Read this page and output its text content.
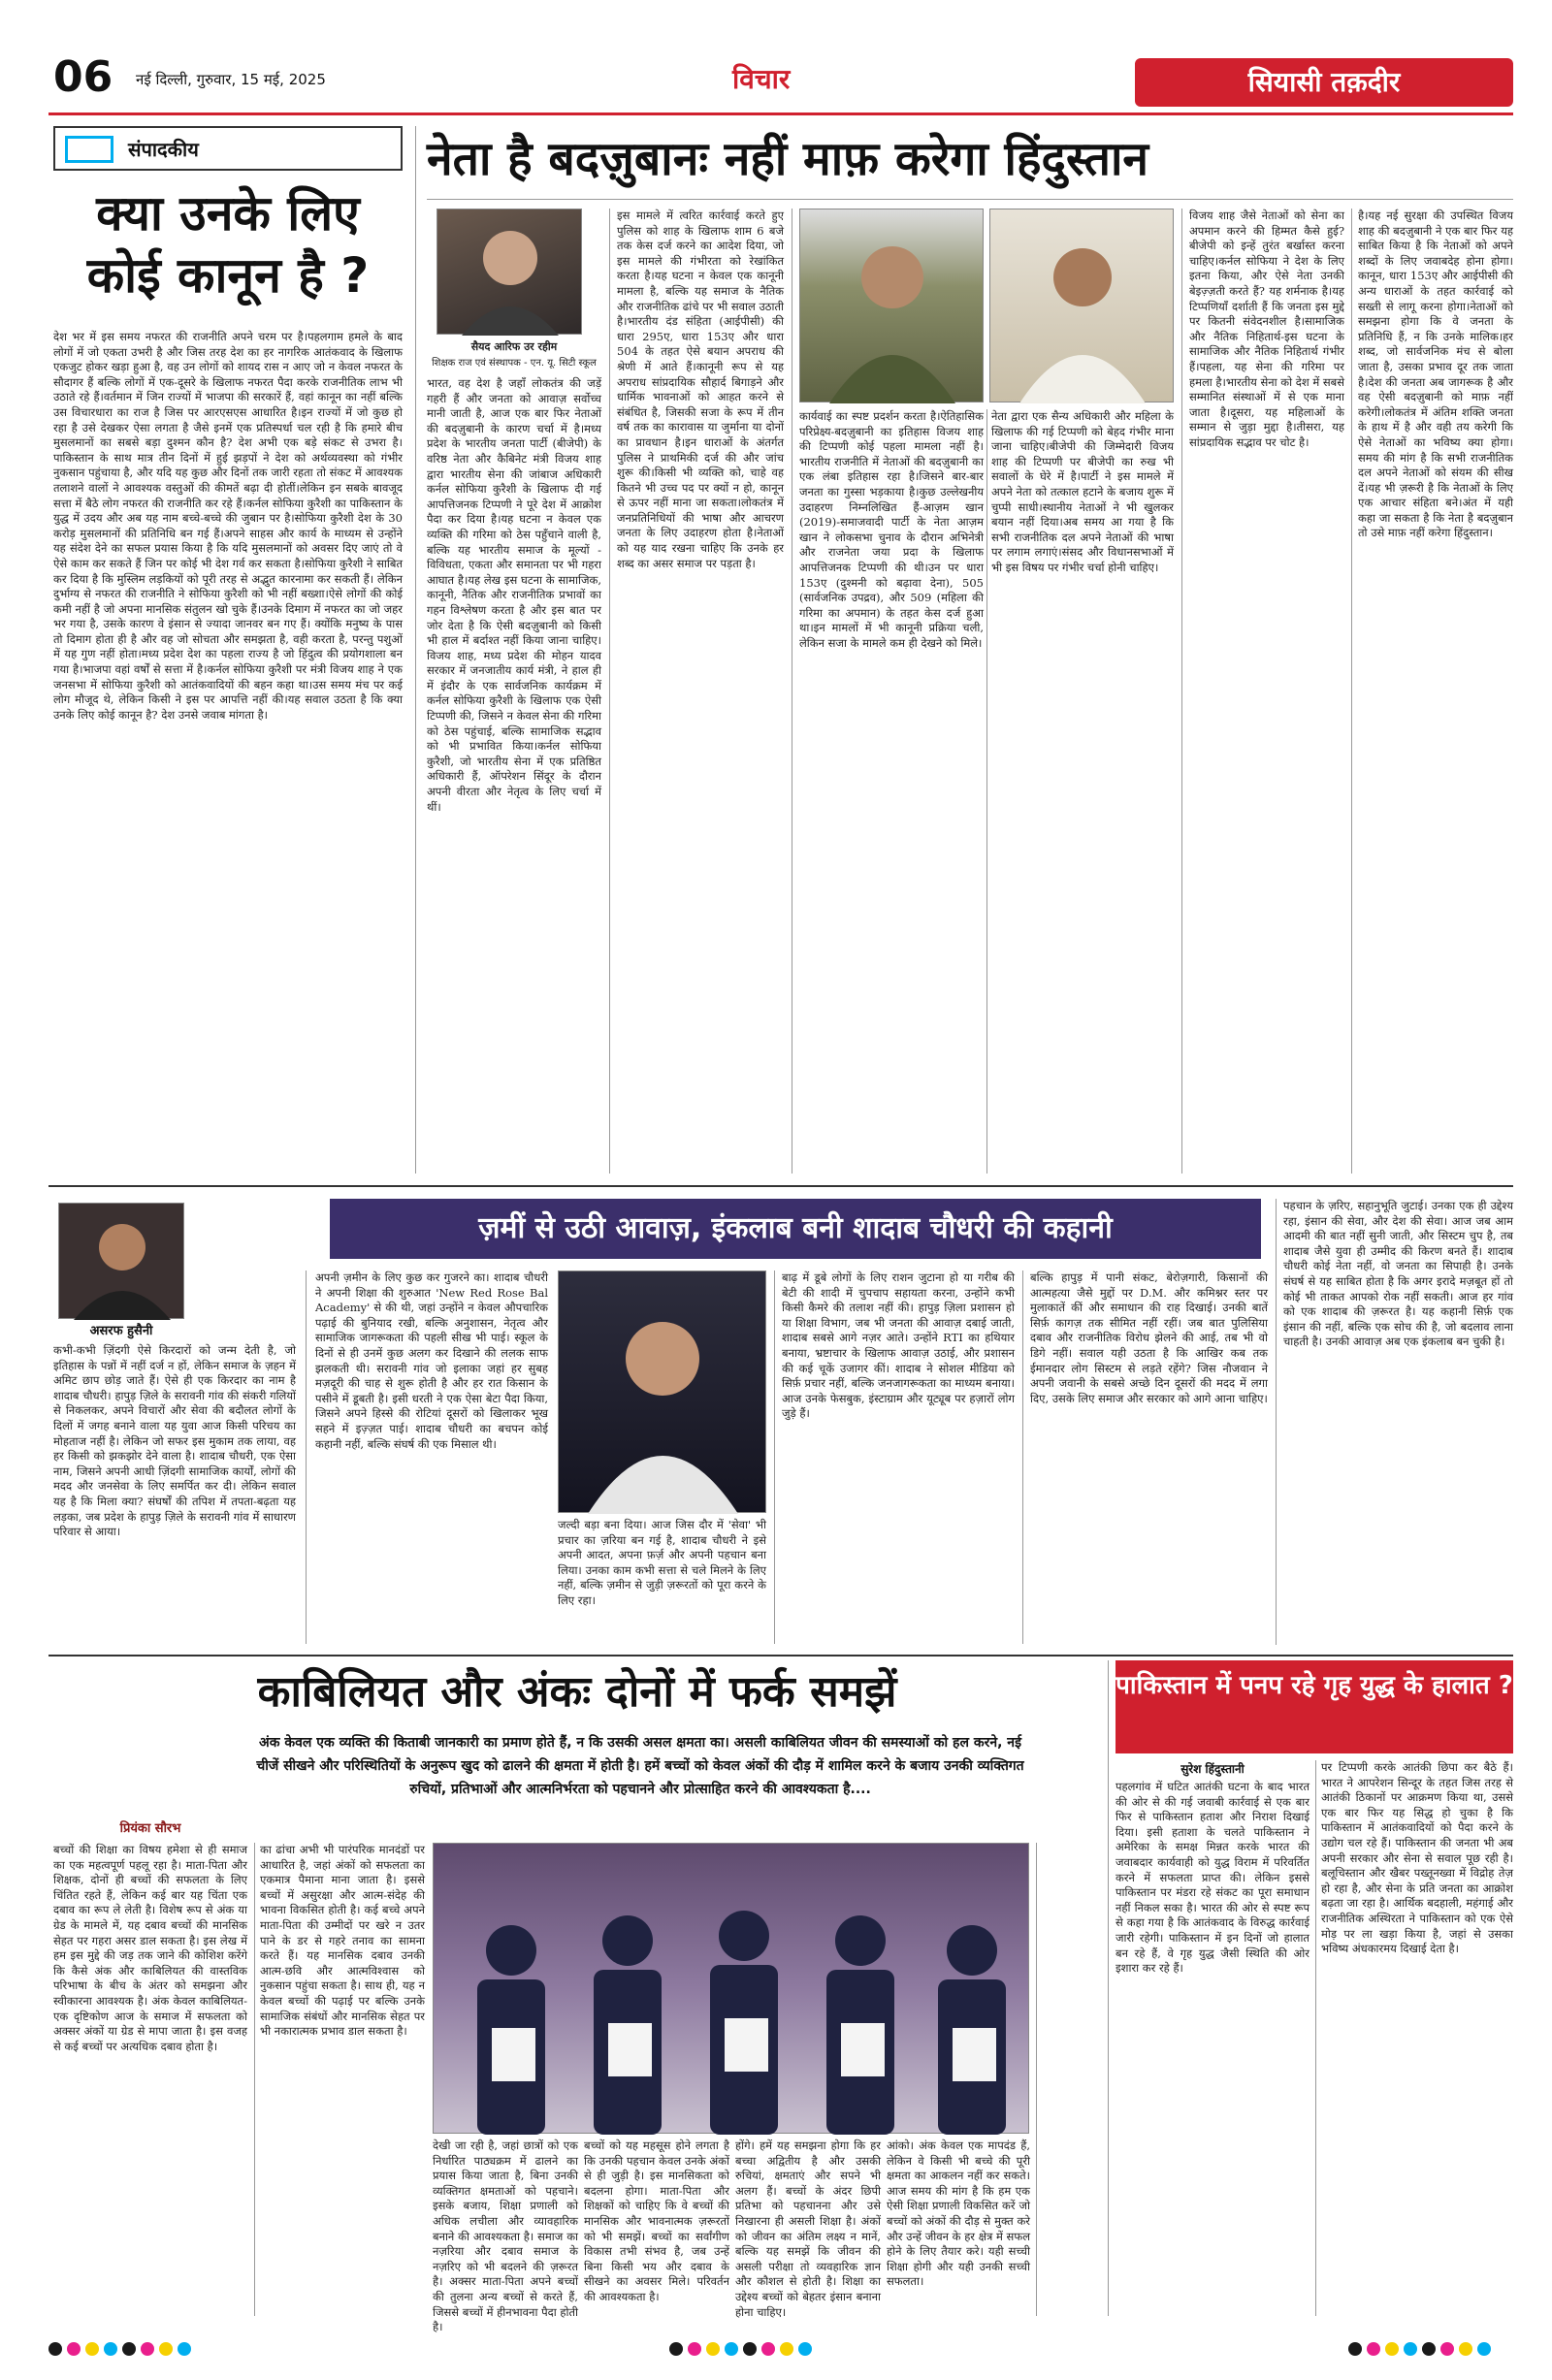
06 नई दिल्ली, गुरुवार, 15 मई, 2025	विचार	सियासी तक़दीर
संपादकीय
क्या उनके लिए कोई कानून है ?
देश भर में इस समय नफरत की राजनीति अपने चरम पर है।पहलगाम हमले के बाद लोगों में जो एकता उभरी है और जिस तरह देश का हर नागरिक आतंकवाद के खिलाफ एकजुट होकर खड़ा हुआ है, वह उन लोगों को शायद रास न आए जो न केवल नफरत के सौदागर हैं बल्कि लोगों में एक-दूसरे के खिलाफ नफरत पैदा करके राजनीतिक लाभ भी उठाते रहे हैं।वर्तमान में जिन राज्यों में भाजपा की सरकारें हैं, वहां कानून का नहीं बल्कि उस विचारधारा का राज है जिस पर आरएसएस आधारित है।इन राज्यों में जो कुछ हो रहा है उसे देखकर ऐसा लगता है जैसे इनमें एक प्रतिस्पर्धा चल रही है कि हमारे बीच मुसलमानों का सबसे बड़ा दुश्मन कौन है? देश अभी एक बड़े संकट से उभरा है।पाकिस्तान के साथ मात्र तीन दिनों में हुई झड़पों ने देश को अर्थव्यवस्था को गंभीर नुकसान पहुंचाया है, और यदि यह कुछ और दिनों तक जारी रहता तो संकट में आवश्यक तलाशने वालों ने आवश्यक वस्तुओं की कीमतें बढ़ा दी होतीं।लेकिन इन सबके बावजूद सत्ता में बैठे लोग नफरत की राजनीति कर रहे हैं।कर्नल सोफिया कुरैशी का पाकिस्तान के युद्ध में उदय और अब यह नाम बच्चे-बच्चे की जुबान पर है।सोफिया कुरैशी देश के 30 करोड़ मुसलमानों की प्रतिनिधि बन गई हैं।अपने साहस और कार्य के माध्यम से उन्होंने यह संदेश देने का सफल प्रयास किया है कि यदि मुसलमानों को अवसर दिए जाएं तो वे ऐसे काम कर सकते हैं जिन पर कोई भी देश गर्व कर सकता है।सोफिया कुरैशी ने साबित कर दिया है कि मुस्लिम लड़कियों को पूरी तरह से अद्भुत कारनामा कर सकती हैं। लेकिन दुर्भाग्य से नफरत की राजनीति ने सोफिया कुरैशी को भी नहीं बख्शा।ऐसे लोगों की कोई कमी नहीं है जो अपना मानसिक संतुलन खो चुके हैं।उनके दिमाग में नफरत का जो जहर भर गया है, उसके कारण वे इंसान से ज्यादा जानवर बन गए हैं। क्योंकि मनुष्य के पास तो दिमाग होता ही है और वह जो सोचता और समझता है, वही करता है, परन्तु पशुओं में यह गुण नहीं होता।मध्य प्रदेश देश का पहला राज्य है जो हिंदुत्व की प्रयोगशाला बन गया है।भाजपा वहां वर्षों से सत्ता में है।कर्नल सोफिया कुरैशी पर मंत्री विजय शाह ने एक जनसभा में सोफिया कुरैशी को आतंकवादियों की बहन कहा था।उस समय मंच पर कई लोग मौजूद थे, लेकिन किसी ने इस पर आपत्ति नहीं की।यह सवाल उठता है कि क्या उनके लिए कोई कानून है? देश उनसे जवाब मांगता है।
नेता है बदज़ुबानः नहीं माफ़ करेगा हिंदुस्तान
सैयद आरिफ उर रहीम
शिक्षक राज एवं संस्थापक - एन. यू. सिटी स्कूल
भारत, वह देश है जहाँ लोकतंत्र की जड़ें गहरी हैं और जनता को आवाज़ सर्वोच्च मानी जाती है, आज एक बार फिर नेताओं की बदज़ुबानी के कारण चर्चा में है।मध्य प्रदेश के भारतीय जनता पार्टी (बीजेपी) के वरिष्ठ नेता और कैबिनेट मंत्री विजय शाह द्वारा भारतीय सेना की जांबाज अधिकारी कर्नल सोफिया कुरैशी के खिलाफ दी गई आपत्तिजनक टिप्पणी ने पूरे देश में आक्रोश पैदा कर दिया है।यह घटना न केवल एक व्यक्ति की गरिमा को ठेस पहुँचाने वाली है, बल्कि यह भारतीय समाज के मूल्यों - विविधता, एकता और समानता पर भी गहरा आघात है।यह लेख इस घटना के सामाजिक, कानूनी, नैतिक और राजनीतिक प्रभावों का गहन विश्लेषण करता है और इस बात पर जोर देता है कि ऐसी बदज़ुबानी को किसी भी हाल में बर्दाश्त नहीं किया जाना चाहिए।विजय शाह, मध्य प्रदेश की मोहन यादव सरकार में जनजातीय कार्य मंत्री, ने हाल ही में इंदौर के एक सार्वजनिक कार्यक्रम में कर्नल सोफिया कुरैशी के खिलाफ एक ऐसी टिप्पणी की, जिसने न केवल सेना की गरिमा को ठेस पहुंचाई, बल्कि सामाजिक सद्भाव को भी प्रभावित किया।कर्नल सोफिया कुरैशी, जो भारतीय सेना में एक प्रतिष्ठित अधिकारी हैं, ऑपरेशन सिंदूर के दौरान अपनी वीरता और नेतृत्व के लिए चर्चा में थीं।
इस मामले में त्वरित कार्रवाई करते हुए पुलिस को शाह के खिलाफ शाम 6 बजे तक केस दर्ज करने का आदेश दिया, जो इस मामले की गंभीरता को रेखांकित करता है।यह घटना न केवल एक कानूनी मामला है, बल्कि यह समाज के नैतिक और राजनीतिक ढांचे पर भी सवाल उठाती है।भारतीय दंड संहिता (आईपीसी) की धारा 295ए, धारा 153ए और धारा 504 के तहत ऐसे बयान अपराध की श्रेणी में आते हैं।कानूनी रूप से यह अपराध सांप्रदायिक सौहार्द बिगाड़ने और धार्मिक भावनाओं को आहत करने से संबंधित है, जिसकी सजा के रूप में तीन वर्ष तक का कारावास या जुर्माना या दोनों का प्रावधान है।इन धाराओं के अंतर्गत पुलिस ने प्राथमिकी दर्ज की और जांच शुरू की।किसी भी व्यक्ति को, चाहे वह कितने भी उच्च पद पर क्यों न हो, कानून से ऊपर नहीं माना जा सकता।लोकतंत्र में जनप्रतिनिधियों की भाषा और आचरण जनता के लिए उदाहरण होता है।नेताओं को यह याद रखना चाहिए कि उनके हर शब्द का असर समाज पर पड़ता है।
कार्यवाई का स्पष्ट प्रदर्शन करता है।ऐतिहासिक परिप्रेक्ष्य-बदज़ुबानी का इतिहास विजय शाह की टिप्पणी कोई पहला मामला नहीं है।भारतीय राजनीति में नेताओं की बदज़ुबानी का एक लंबा इतिहास रहा है।जिसने बार-बार जनता का गुस्सा भड़काया है।कुछ उल्लेखनीय उदाहरण निम्नलिखित हैं-आज़म खान (2019)-समाजवादी पार्टी के नेता आज़म खान ने लोकसभा चुनाव के दौरान अभिनेत्री और राजनेता जया प्रदा के खिलाफ आपत्तिजनक टिप्पणी की थी।उन पर धारा 153ए (दुश्मनी को बढ़ावा देना), 505 (सार्वजनिक उपद्रव), और 509 (महिला की गरिमा का अपमान) के तहत केस दर्ज हुआ था।इन मामलों में भी कानूनी प्रक्रिया चली, लेकिन सजा के मामले कम ही देखने को मिले।
नेता द्वारा एक सैन्य अधिकारी और महिला के खिलाफ की गई टिप्पणी को बेहद गंभीर माना जाना चाहिए।बीजेपी की जिम्मेदारी विजय शाह की टिप्पणी पर बीजेपी का रुख भी सवालों के घेरे में है।पार्टी ने इस मामले में अपने नेता को तत्काल हटाने के बजाय शुरू में चुप्पी साधी।स्थानीय नेताओं ने भी खुलकर बयान नहीं दिया।अब समय आ गया है कि सभी राजनीतिक दल अपने नेताओं की भाषा पर लगाम लगाएं।संसद और विधानसभाओं में भी इस विषय पर गंभीर चर्चा होनी चाहिए।
विजय शाह जैसे नेताओं को सेना का अपमान करने की हिम्मत कैसे हुई? बीजेपी को इन्हें तुरंत बर्खास्त करना चाहिए।कर्नल सोफिया ने देश के लिए इतना किया, और ऐसे नेता उनकी बेइज़्ज़ती करते हैं? यह शर्मनाक है।यह टिप्पणियाँ दर्शाती हैं कि जनता इस मुद्दे पर कितनी संवेदनशील है।सामाजिक और नैतिक निहितार्थ-इस घटना के सामाजिक और नैतिक निहितार्थ गंभीर हैं।पहला, यह सेना की गरिमा पर हमला है।भारतीय सेना को देश में सबसे सम्मानित संस्थाओं में से एक माना जाता है।दूसरा, यह महिलाओं के सम्मान से जुड़ा मुद्दा है।तीसरा, यह सांप्रदायिक सद्भाव पर चोट है।
है।यह नई सुरक्षा की उपस्थित विजय शाह की बदज़ुबानी ने एक बार फिर यह साबित किया है कि नेताओं को अपने शब्दों के लिए जवाबदेह होना होगा।कानून, धारा 153ए और आईपीसी की अन्य धाराओं के तहत कार्रवाई को सख्ती से लागू करना होगा।नेताओं को समझना होगा कि वे जनता के प्रतिनिधि हैं, न कि उनके मालिक।हर शब्द, जो सार्वजनिक मंच से बोला जाता है, उसका प्रभाव दूर तक जाता है।देश की जनता अब जागरूक है और वह ऐसी बदज़ुबानी को माफ़ नहीं करेगी।लोकतंत्र में अंतिम शक्ति जनता के हाथ में है और वही तय करेगी कि ऐसे नेताओं का भविष्य क्या होगा।समय की मांग है कि सभी राजनीतिक दल अपने नेताओं को संयम की सीख दें।यह भी ज़रूरी है कि नेताओं के लिए एक आचार संहिता बने।अंत में यही कहा जा सकता है कि नेता है बदज़ुबान तो उसे माफ़ नहीं करेगा हिंदुस्तान।
असरफ हुसैनी
ज़मीं से उठी आवाज़, इंकलाब बनी शादाब चौधरी की कहानी
कभी-कभी ज़िंदगी ऐसे किरदारों को जन्म देती है, जो इतिहास के पन्नों में नहीं दर्ज न हों, लेकिन समाज के ज़हन में अमिट छाप छोड़ जाते हैं। ऐसे ही एक किरदार का नाम है शादाब चौधरी। हापुड़ ज़िले के सरावनी गांव की संकरी गलियों से निकलकर, अपने विचारों और सेवा की बदौलत लोगों के दिलों में जगह बनाने वाला यह युवा आज किसी परिचय का मोहताज नहीं है। लेकिन जो सफर इस मुकाम तक लाया, वह हर किसी को झकझोर देने वाला है। शादाब चौधरी, एक ऐसा नाम, जिसने अपनी आधी ज़िंदगी सामाजिक कार्यों, लोगों की मदद और जनसेवा के लिए समर्पित कर दी। लेकिन सवाल यह है कि मिला क्या? संघर्षों की तपिश में तपता-बढ़ता यह लड़का, जब प्रदेश के हापुड़ ज़िले के सरावनी गांव में साधारण परिवार से आया।
अपनी ज़मीन के लिए कुछ कर गुजरने का। शादाब चौधरी ने अपनी शिक्षा की शुरुआत 'New Red Rose Bal Academy' से की थी, जहां उन्होंने न केवल औपचारिक पढ़ाई की बुनियाद रखी, बल्कि अनुशासन, नेतृत्व और सामाजिक जागरूकता की पहली सीख भी पाई। स्कूल के दिनों से ही उनमें कुछ अलग कर दिखाने की ललक साफ झलकती थी। सरावनी गांव जो इलाका जहां हर सुबह मज़दूरी की चाह से शुरू होती है और हर रात किसान के पसीने में डूबती है। इसी धरती ने एक ऐसा बेटा पैदा किया, जिसने अपने हिस्से की रोटियां दूसरों को खिलाकर भूख सहने में इज़्ज़त पाई। शादाब चौधरी का बचपन कोई कहानी नहीं, बल्कि संघर्ष की एक मिसाल थी।
जल्दी बड़ा बना दिया। आज जिस दौर में 'सेवा' भी प्रचार का ज़रिया बन गई है, शादाब चौधरी ने इसे अपनी आदत, अपना फ़र्ज़ और अपनी पहचान बना लिया। उनका काम कभी सत्ता से चले मिलने के लिए नहीं, बल्कि ज़मीन से जुड़ी ज़रूरतों को पूरा करने के लिए रहा।
बाढ़ में डूबे लोगों के लिए राशन जुटाना हो या गरीब की बेटी की शादी में चुपचाप सहायता करना, उन्होंने कभी किसी कैमरे की तलाश नहीं की। हापुड़ ज़िला प्रशासन हो या शिक्षा विभाग, जब भी जनता की आवाज़ दबाई जाती, शादाब सबसे आगे नज़र आते। उन्होंने RTI का हथियार बनाया, भ्रष्टाचार के खिलाफ आवाज़ उठाई, और प्रशासन की कई चूकें उजागर कीं। शादाब ने सोशल मीडिया को सिर्फ़ प्रचार नहीं, बल्कि जनजागरूकता का माध्यम बनाया। आज उनके फेसबुक, इंस्टाग्राम और यूट्यूब पर हज़ारों लोग जुड़े हैं।
बल्कि हापुड़ में पानी संकट, बेरोज़गारी, किसानों की आत्महत्या जैसे मुद्दों पर D.M. और कमिश्नर स्तर पर मुलाकातें कीं और समाधान की राह दिखाई। उनकी बातें सिर्फ़ कागज़ तक सीमित नहीं रहीं। जब बात पुलिसिया दबाव और राजनीतिक विरोध झेलने की आई, तब भी वो डिगे नहीं। सवाल यही उठता है कि आखिर कब तक ईमानदार लोग सिस्टम से लड़ते रहेंगे? जिस नौजवान ने अपनी जवानी के सबसे अच्छे दिन दूसरों की मदद में लगा दिए, उसके लिए समाज और सरकार को आगे आना चाहिए।
पहचान के ज़रिए, सहानुभूति जुटाई। उनका एक ही उद्देश्य रहा, इंसान की सेवा, और देश की सेवा। आज जब आम आदमी की बात नहीं सुनी जाती, और सिस्टम चुप है, तब शादाब जैसे युवा ही उम्मीद की किरण बनते हैं। शादाब चौधरी कोई नेता नहीं, वो जनता का सिपाही है। उनके संघर्ष से यह साबित होता है कि अगर इरादे मज़बूत हों तो कोई भी ताकत आपको रोक नहीं सकती। आज हर गांव को एक शादाब की ज़रूरत है। यह कहानी सिर्फ़ एक इंसान की नहीं, बल्कि एक सोच की है, जो बदलाव लाना चाहती है। उनकी आवाज़ अब एक इंकलाब बन चुकी है।
काबिलियत और अंकः दोनों में फर्क समझें
अंक केवल एक व्यक्ति की किताबी जानकारी का प्रमाण होते हैं, न कि उसकी असल क्षमता का। असली काबिलियत जीवन की समस्याओं को हल करने, नई चीजें सीखने और परिस्थितियों के अनुरूप खुद को ढालने की क्षमता में होती है। हमें बच्चों को केवल अंकों की दौड़ में शामिल करने के बजाय उनकी व्यक्तिगत रुचियों, प्रतिभाओं और आत्मनिर्भरता को पहचानने और प्रोत्साहित करने की आवश्यकता है....
प्रियंका सौरभ
बच्चों की शिक्षा का विषय हमेशा से ही समाज का एक महत्वपूर्ण पहलू रहा है। माता-पिता और शिक्षक, दोनों ही बच्चों की सफलता के लिए चिंतित रहते हैं, लेकिन कई बार यह चिंता एक दबाव का रूप ले लेती है। विशेष रूप से अंक या ग्रेड के मामले में, यह दबाव बच्चों की मानसिक सेहत पर गहरा असर डाल सकता है। इस लेख में हम इस मुद्दे की जड़ तक जाने की कोशिश करेंगे कि कैसे अंक और काबिलियत की वास्तविक परिभाषा के बीच के अंतर को समझना और स्वीकारना आवश्यक है। अंक केवल काबिलियत-एक दृष्टिकोण आज के समाज में सफलता को अक्सर अंकों या ग्रेड से मापा जाता है। इस वजह से कई बच्चों पर अत्यधिक दबाव होता है।
का ढांचा अभी भी पारंपरिक मानदंडों पर आधारित है, जहां अंकों को सफलता का एकमात्र पैमाना माना जाता है। इससे बच्चों में असुरक्षा और आत्म-संदेह की भावना विकसित होती है। कई बच्चे अपने माता-पिता की उम्मीदों पर खरे न उतर पाने के डर से गहरे तनाव का सामना करते हैं। यह मानसिक दबाव उनकी आत्म-छवि और आत्मविश्वास को नुकसान पहुंचा सकता है। साथ ही, यह न केवल बच्चों की पढ़ाई पर बल्कि उनके सामाजिक संबंधों और मानसिक सेहत पर भी नकारात्मक प्रभाव डाल सकता है।
देखी जा रही है, जहां छात्रों को एक निर्धारित पाठ्यक्रम में ढालने का प्रयास किया जाता है, बिना उनकी व्यक्तिगत क्षमताओं को पहचाने। इसके बजाय, शिक्षा प्रणाली को अधिक लचीला और व्यावहारिक बनाने की आवश्यकता है। समाज का नज़रिया और दबाव समाज के नज़रिए को भी बदलने की ज़रूरत है। अक्सर माता-पिता अपने बच्चों की तुलना अन्य बच्चों से करते हैं, जिससे बच्चों में हीनभावना पैदा होती है।
बच्चों को यह महसूस होने लगता है कि उनकी पहचान केवल उनके अंकों से ही जुड़ी है। इस मानसिकता को बदलना होगा। माता-पिता और शिक्षकों को चाहिए कि वे बच्चों की मानसिक और भावनात्मक ज़रूरतों को भी समझें। बच्चों का सर्वांगीण विकास तभी संभव है, जब उन्हें बिना किसी भय और दबाव के सीखने का अवसर मिले। परिवर्तन की आवश्यकता है।
होंगे। हमें यह समझना होगा कि हर बच्चा अद्वितीय है और उसकी रुचियां, क्षमताएं और सपने भी अलग हैं। बच्चों के अंदर छिपी प्रतिभा को पहचानना और उसे निखारना ही असली शिक्षा है। अंकों को जीवन का अंतिम लक्ष्य न मानें, बल्कि यह समझें कि जीवन की असली परीक्षा तो व्यवहारिक ज्ञान और कौशल से होती है। शिक्षा का उद्देश्य बच्चों को बेहतर इंसान बनाना होना चाहिए।
आंको। अंक केवल एक मापदंड हैं, लेकिन वे किसी भी बच्चे की पूरी क्षमता का आकलन नहीं कर सकते। आज समय की मांग है कि हम एक ऐसी शिक्षा प्रणाली विकसित करें जो बच्चों को अंकों की दौड़ से मुक्त करे और उन्हें जीवन के हर क्षेत्र में सफल होने के लिए तैयार करे। यही सच्ची शिक्षा होगी और यही उनकी सच्ची सफलता।
पाकिस्तान में पनप रहे गृह युद्ध के हालात ?
सुरेश हिंदुस्तानी
पहलगांव में घटित आतंकी घटना के बाद भारत की ओर से की गई जवाबी कार्रवाई से एक बार फिर से पाकिस्तान हताश और निराश दिखाई दिया। इसी हताशा के चलते पाकिस्तान ने अमेरिका के समक्ष मिन्नत करके भारत की जवाबदार कार्यवाही को युद्ध विराम में परिवर्तित करने में सफलता प्राप्त की। लेकिन इससे पाकिस्तान पर मंडरा रहे संकट का पूरा समाधान नहीं निकल सका है। भारत की ओर से स्पष्ट रूप से कहा गया है कि आतंकवाद के विरुद्ध कार्रवाई जारी रहेगी। पाकिस्तान में इन दिनों जो हालात बन रहे हैं, वे गृह युद्ध जैसी स्थिति की ओर इशारा कर रहे हैं।
पर टिप्पणी करके आतंकी छिपा कर बैठे हैं। भारत ने आपरेशन सिन्दूर के तहत जिस तरह से आतंकी ठिकानों पर आक्रमण किया था, उससे एक बार फिर यह सिद्ध हो चुका है कि पाकिस्तान में आतंकवादियों को पैदा करने के उद्योग चल रहे हैं। पाकिस्तान की जनता भी अब अपनी सरकार और सेना से सवाल पूछ रही है। बलूचिस्तान और खैबर पख्तूनख्वा में विद्रोह तेज़ हो रहा है, और सेना के प्रति जनता का आक्रोश बढ़ता जा रहा है। आर्थिक बदहाली, महंगाई और राजनीतिक अस्थिरता ने पाकिस्तान को एक ऐसे मोड़ पर ला खड़ा किया है, जहां से उसका भविष्य अंधकारमय दिखाई देता है।
